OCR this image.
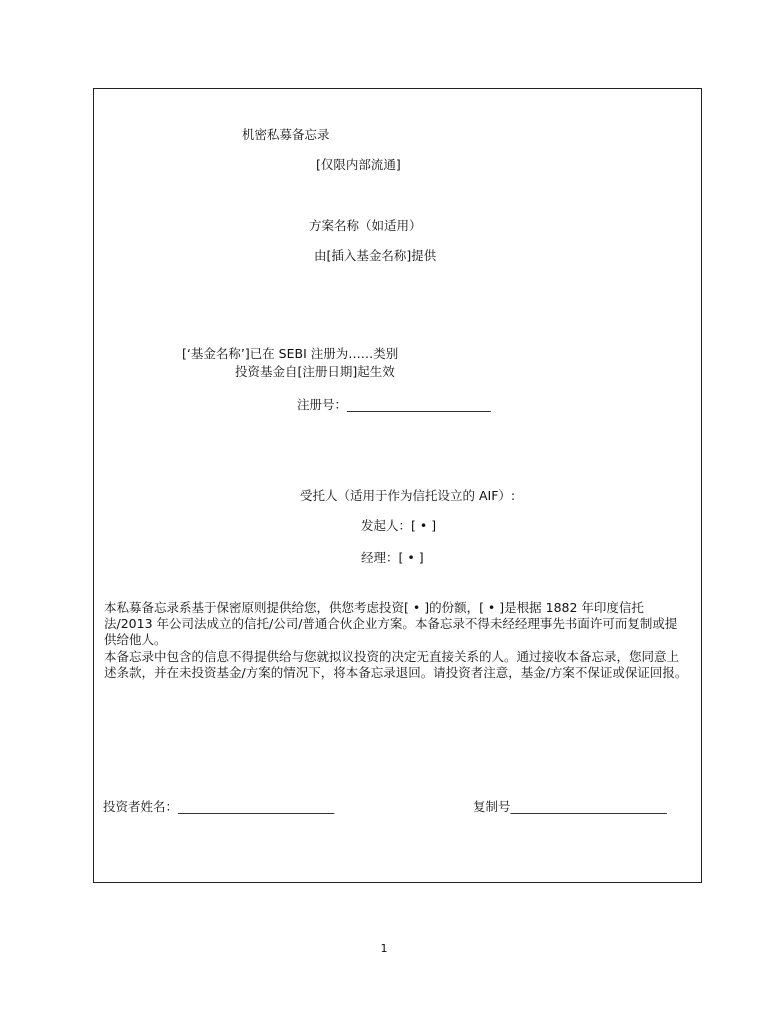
机密私募备忘录
[仅限内部流通]
方案名称（如适用）
由[插入基金名称]提供
[‘基金名称’]已在 SEBI 注册为……类别
投资基金自[注册日期]起生效
注册号：_______________________
受托人（适用于作为信托设立的 AIF）:
发起人：[ • ]
经理：[ • ]
本私募备忘录系基于保密原则提供给您，供您考虑投资[ • ]的份额，[ • ]是根据 1882 年印度信托法/2013 年公司法成立的信托/公司/普通合伙企业方案。本备忘录不得未经经理事先书面许可而复制或提供给他人。
本备忘录中包含的信息不得提供给与您就拟议投资的决定无直接关系的人。通过接收本备忘录，您同意上述条款，并在未投资基金/方案的情况下，将本备忘录退回。请投资者注意，基金/方案不保证或保证回报。
投资者姓名：_________________________	复制号_________________________
1
